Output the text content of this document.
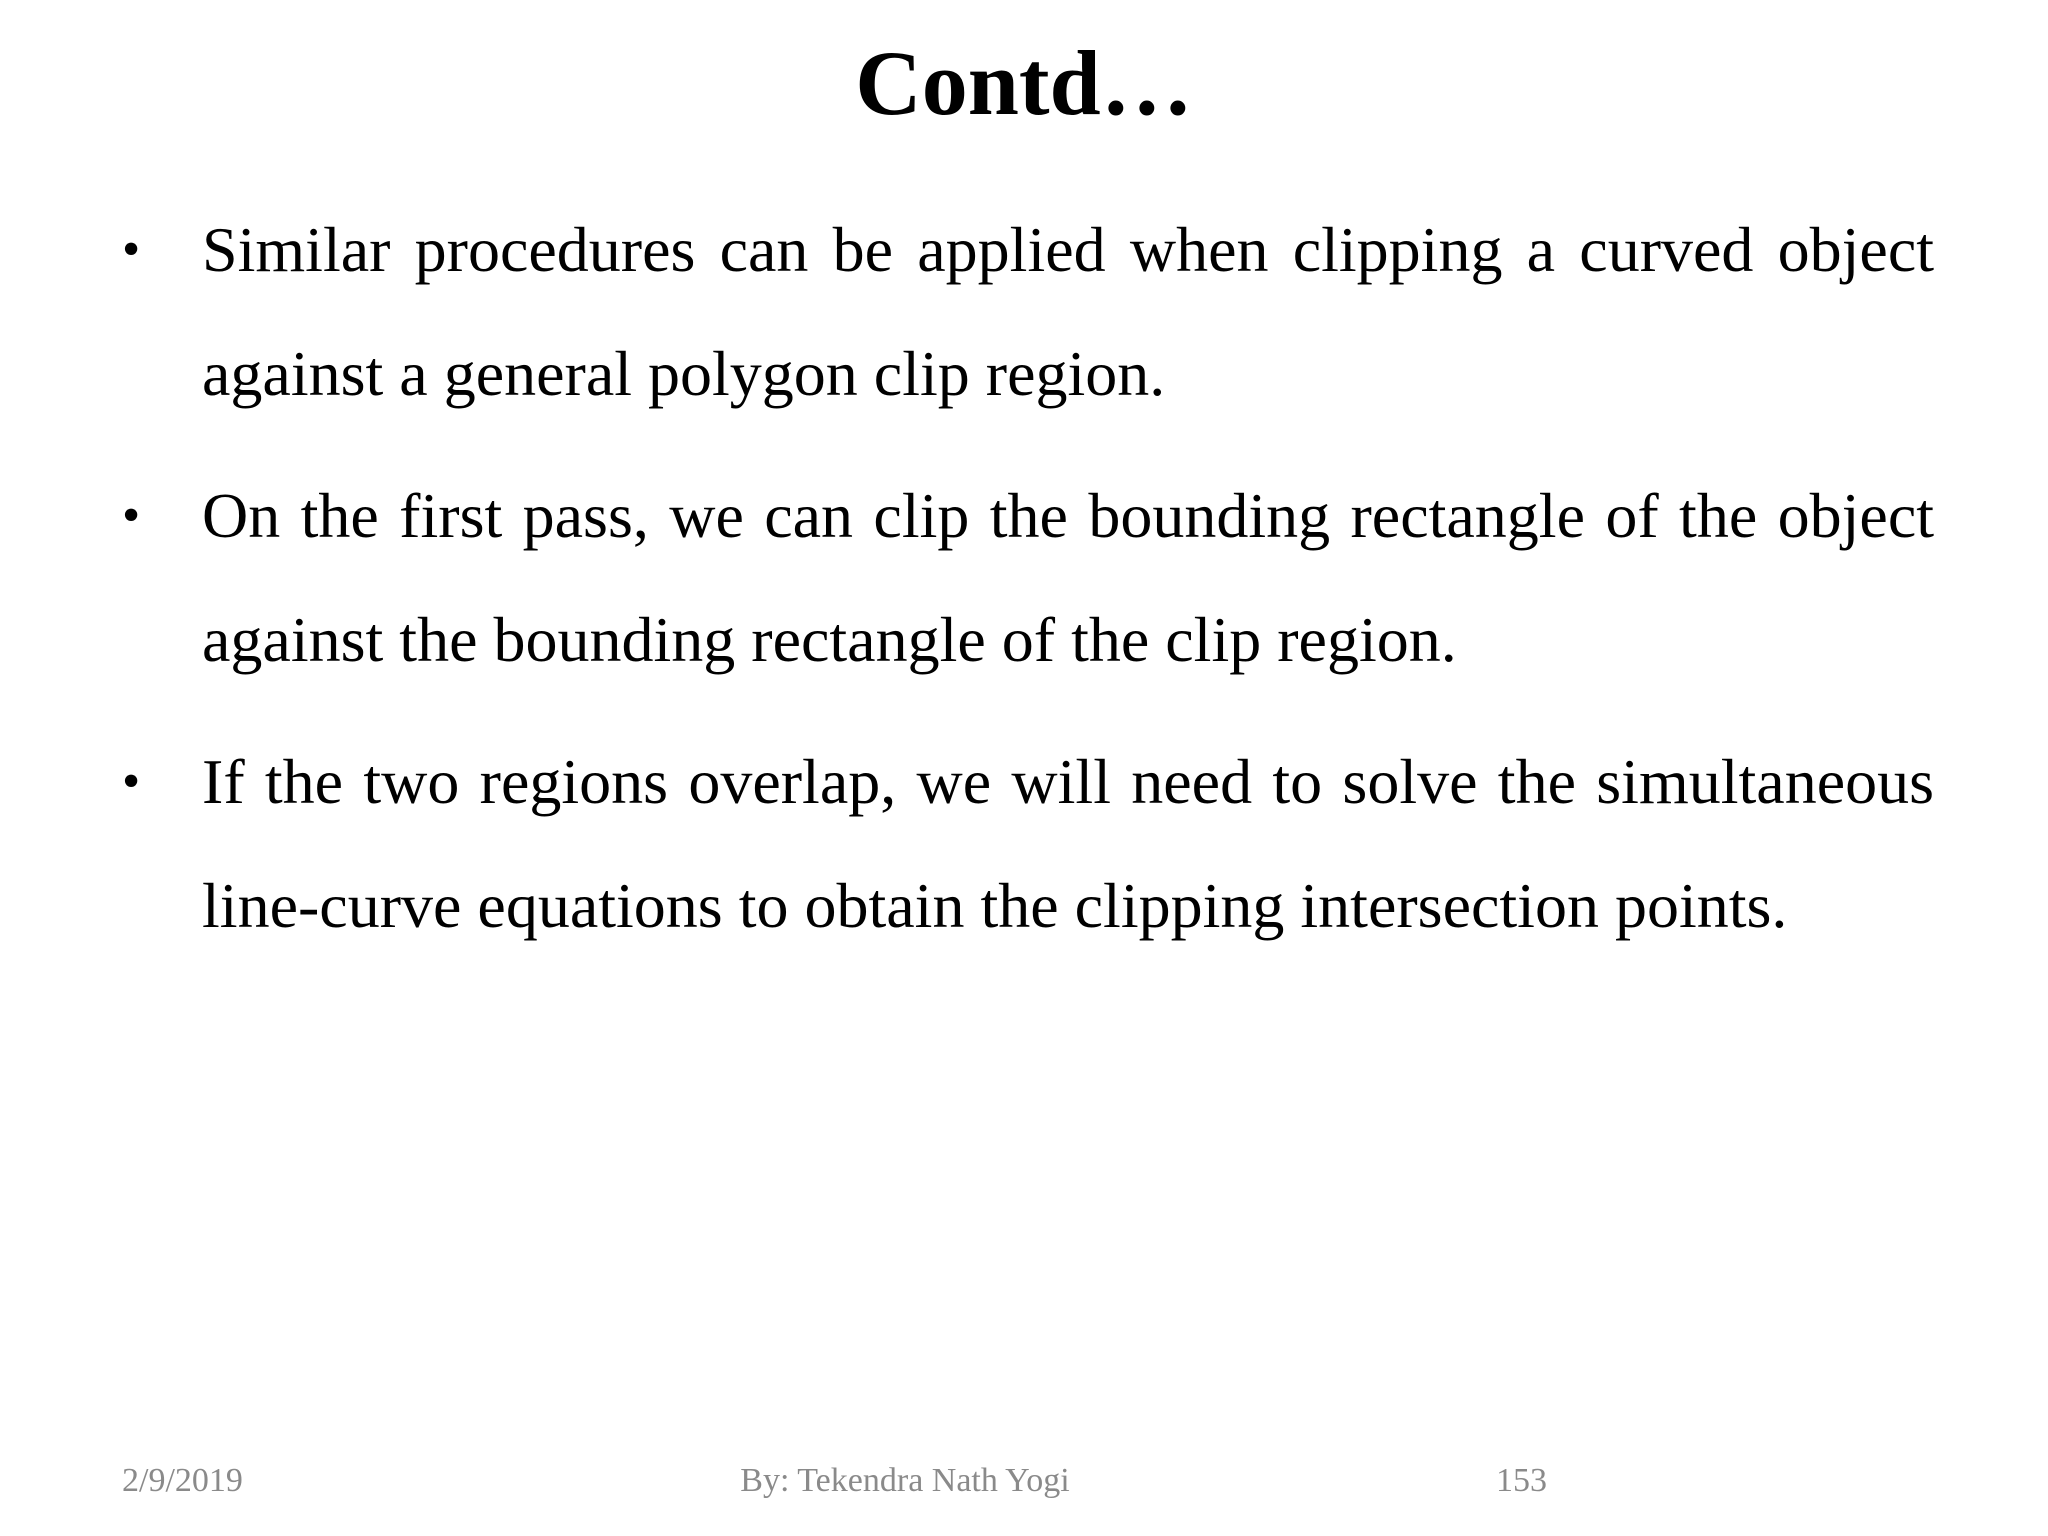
Contd…
• Similar procedures can be applied when clipping a curved object against a general polygon clip region.
• On the first pass, we can clip the bounding rectangle of the object against the bounding rectangle of the clip region.
• If the two regions overlap, we will need to solve the simultaneous line-curve equations to obtain the clipping intersection points.
2/9/2019	By: Tekendra Nath Yogi	153
